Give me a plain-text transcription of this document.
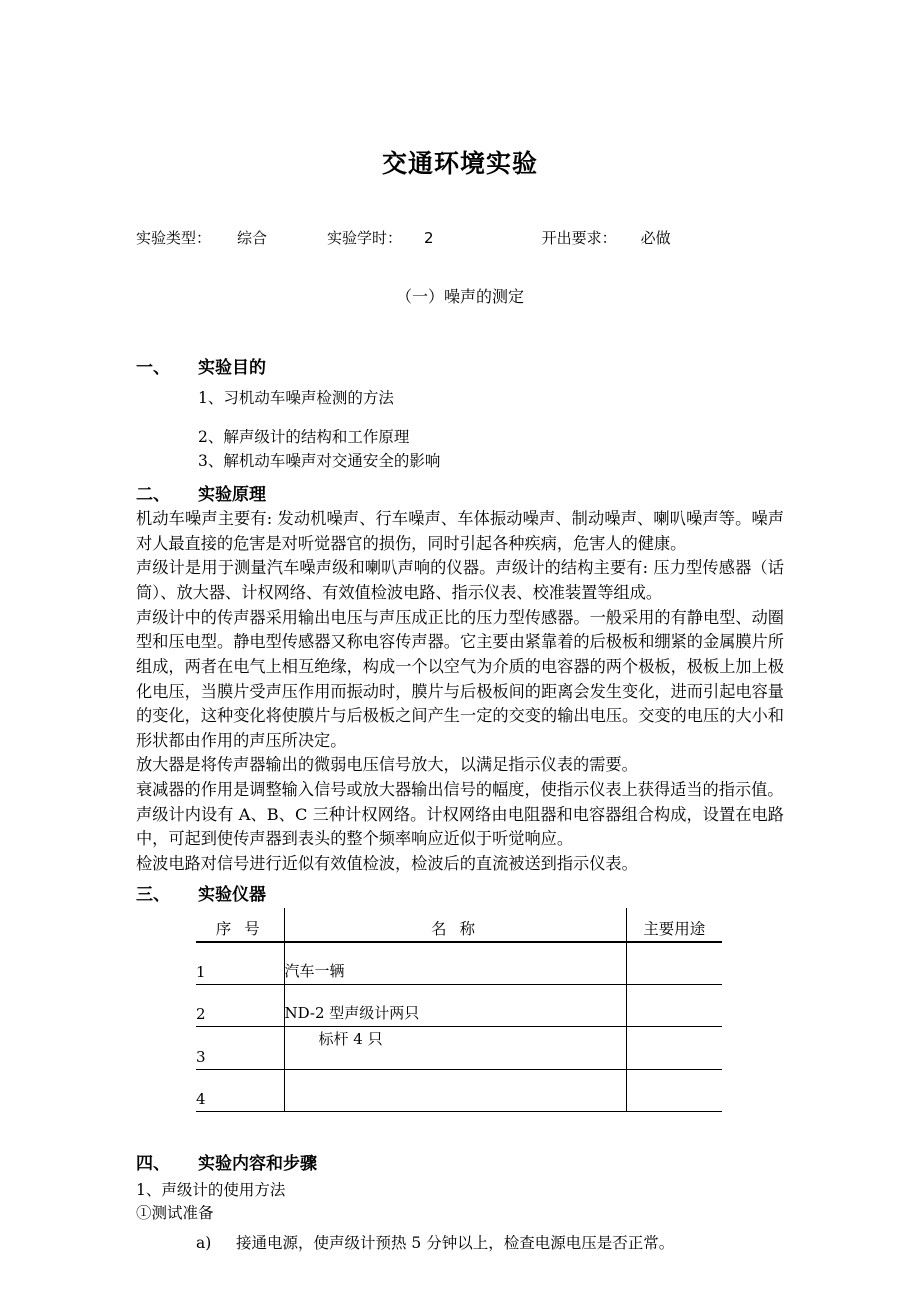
交通环境实验
实验类型： 综合	实验学时： 2	开出要求： 必做
（一）噪声的测定
一、 实验目的
1、习机动车噪声检测的方法
2、解声级计的结构和工作原理
3、解机动车噪声对交通安全的影响
二、 实验原理

机动车噪声主要有: 发动机噪声、行车噪声、车体振动噪声、制动噪声、喇叭噪声等。噪声对人最直接的危害是对听觉器官的损伤，同时引起各种疾病，危害人的健康。

声级计是用于测量汽车噪声级和喇叭声响的仪器。声级计的结构主要有: 压力型传感器（话筒）、放大器、计权网络、有效值检波电路、指示仪表、校准装置等组成。

声级计中的传声器采用输出电压与声压成正比的压力型传感器。一般采用的有静电型、动圈型和压电型。静电型传感器又称电容传声器。它主要由紧靠着的后极板和绷紧的金属膜片所组成，两者在电气上相互绝缘，构成一个以空气为介质的电容器的两个极板，极板上加上极化电压，当膜片受声压作用而振动时，膜片与后极板间的距离会发生变化，进而引起电容量的变化，这种变化将使膜片与后极板之间产生一定的交变的输出电压。交变的电压的大小和形状都由作用的声压所决定。

放大器是将传声器输出的微弱电压信号放大，以满足指示仪表的需要。

衰减器的作用是调整输入信号或放大器输出信号的幅度，使指示仪表上获得适当的指示值。

声级计内设有 A、B、C 三种计权网络。计权网络由电阻器和电容器组合构成，设置在电路中，可起到使传声器到表头的整个频率响应近似于听觉响应。

检波电路对信号进行近似有效值检波，检波后的直流被送到指示仪表。

三、 实验仪器
序 号	名 称	主要用途
1	汽车一辆	
2	ND-2 型声级计两只	
3	标杆 4 只	
4		
四、 实验内容和步骤

1、声级计的使用方法

①测试准备

a) 接通电源，使声级计预热 5 分钟以上，检查电源电压是否正常。
